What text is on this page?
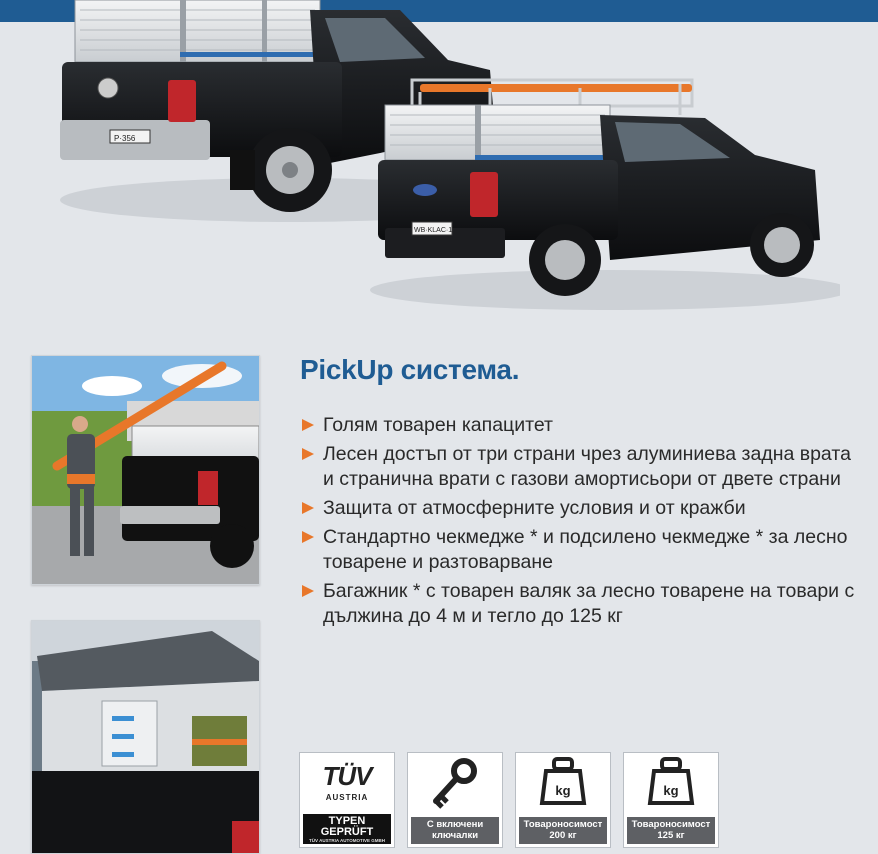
P·356
WB·KLAC·1
PickUp система.
Голям товарен капацитет
Лесен достъп от три страни чрез алуминиева задна врата и странична врати с газови амортисьори от двете страни
Защита от атмосферните условия и от кражби
Стандартно чекмедже * и подсилено чекмедже * за лесно товарене и разтоварване
Багажник * с товарен валяк за лесно товарене на товари с дължина до 4 м и тегло до 125 кг
TÜV
AUSTRIA
TYPEN
GEPRÜFT
TÜV AUSTRIA AUTOMOTIVE GMBH
С включени
ключалки
kg
Товароносимост
200 кг
kg
Товароносимост
125 кг
